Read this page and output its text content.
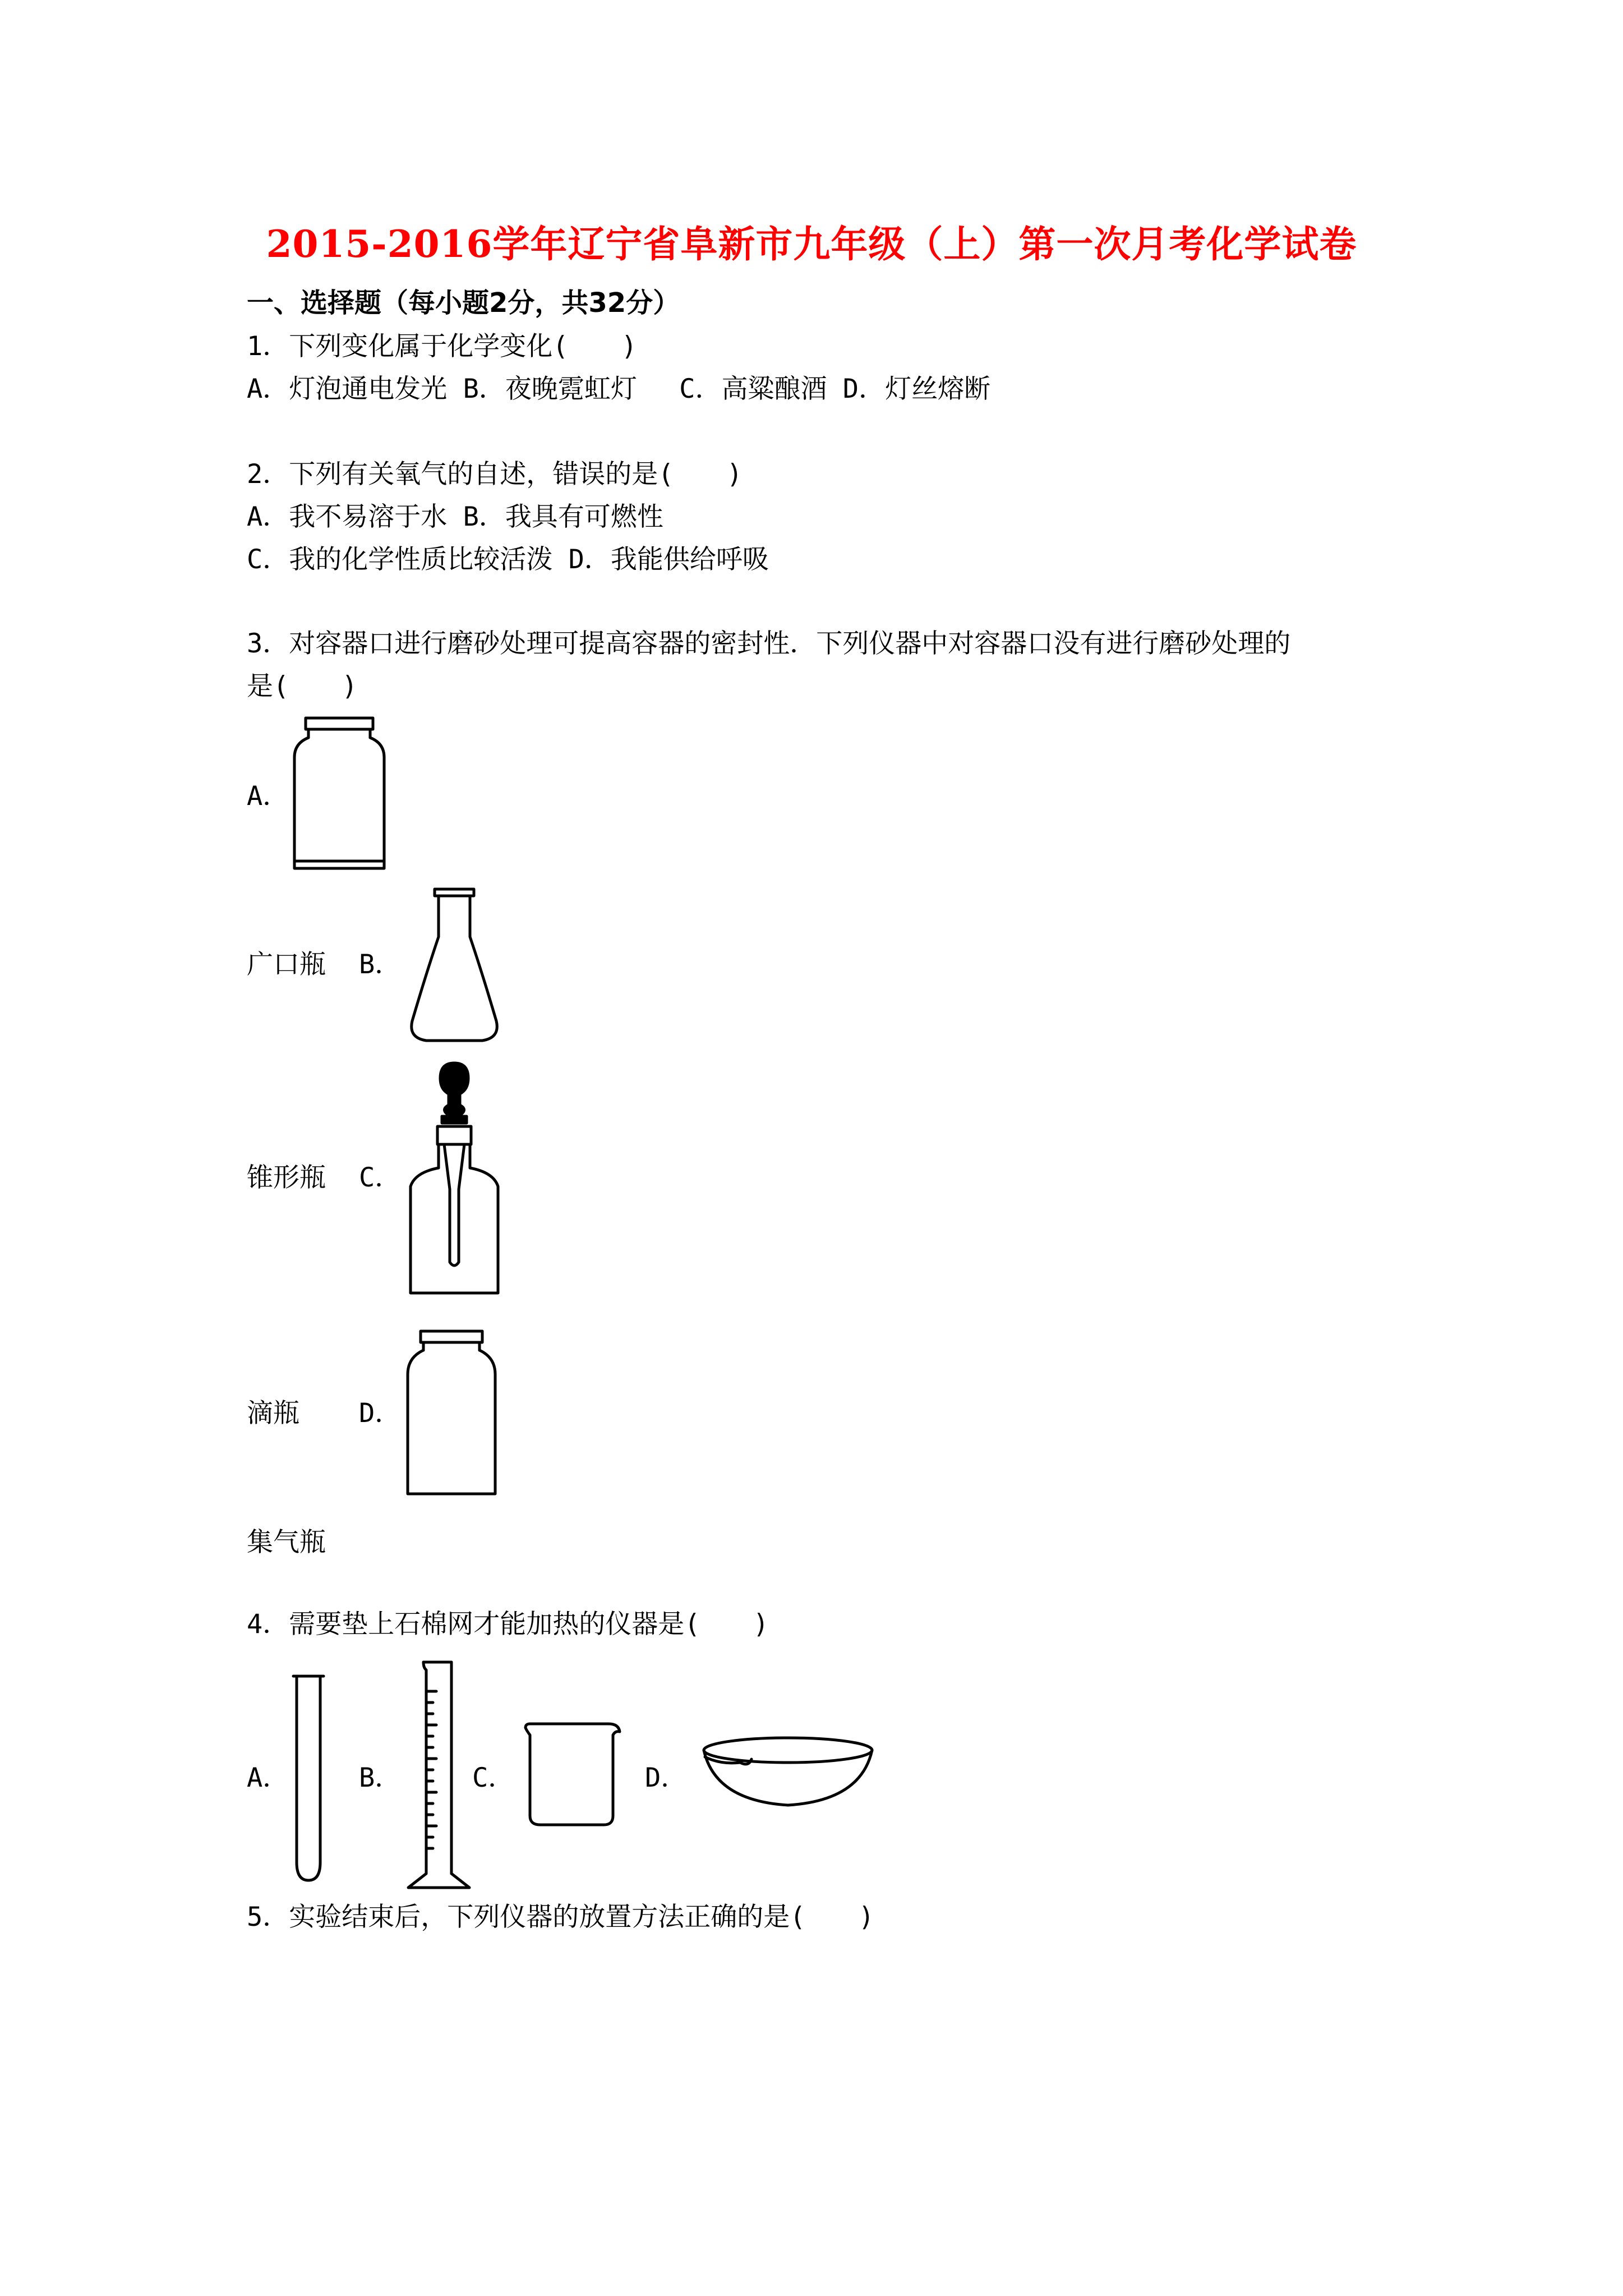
2015-2016学年辽宁省阜新市九年级（上）第一次月考化学试卷
一、选择题（每小题2分，共32分）
1．下列变化属于化学变化(　　)
A．灯泡通电发光 B．夜晚霓虹灯　 C．高粱酿酒 D．灯丝熔断
2．下列有关氧气的自述，错误的是(　　)
A．我不易溶于水 B．我具有可燃性
C．我的化学性质比较活泼 D．我能供给呼吸
3．对容器口进行磨砂处理可提高容器的密封性．下列仪器中对容器口没有进行磨砂处理的
是(　　)
A．
广口瓶 B．
锥形瓶 C．
滴瓶 D．
集气瓶
4．需要垫上石棉网才能加热的仪器是(　　)
A．	B．	C．	D．
5．实验结束后，下列仪器的放置方法正确的是(　　)
